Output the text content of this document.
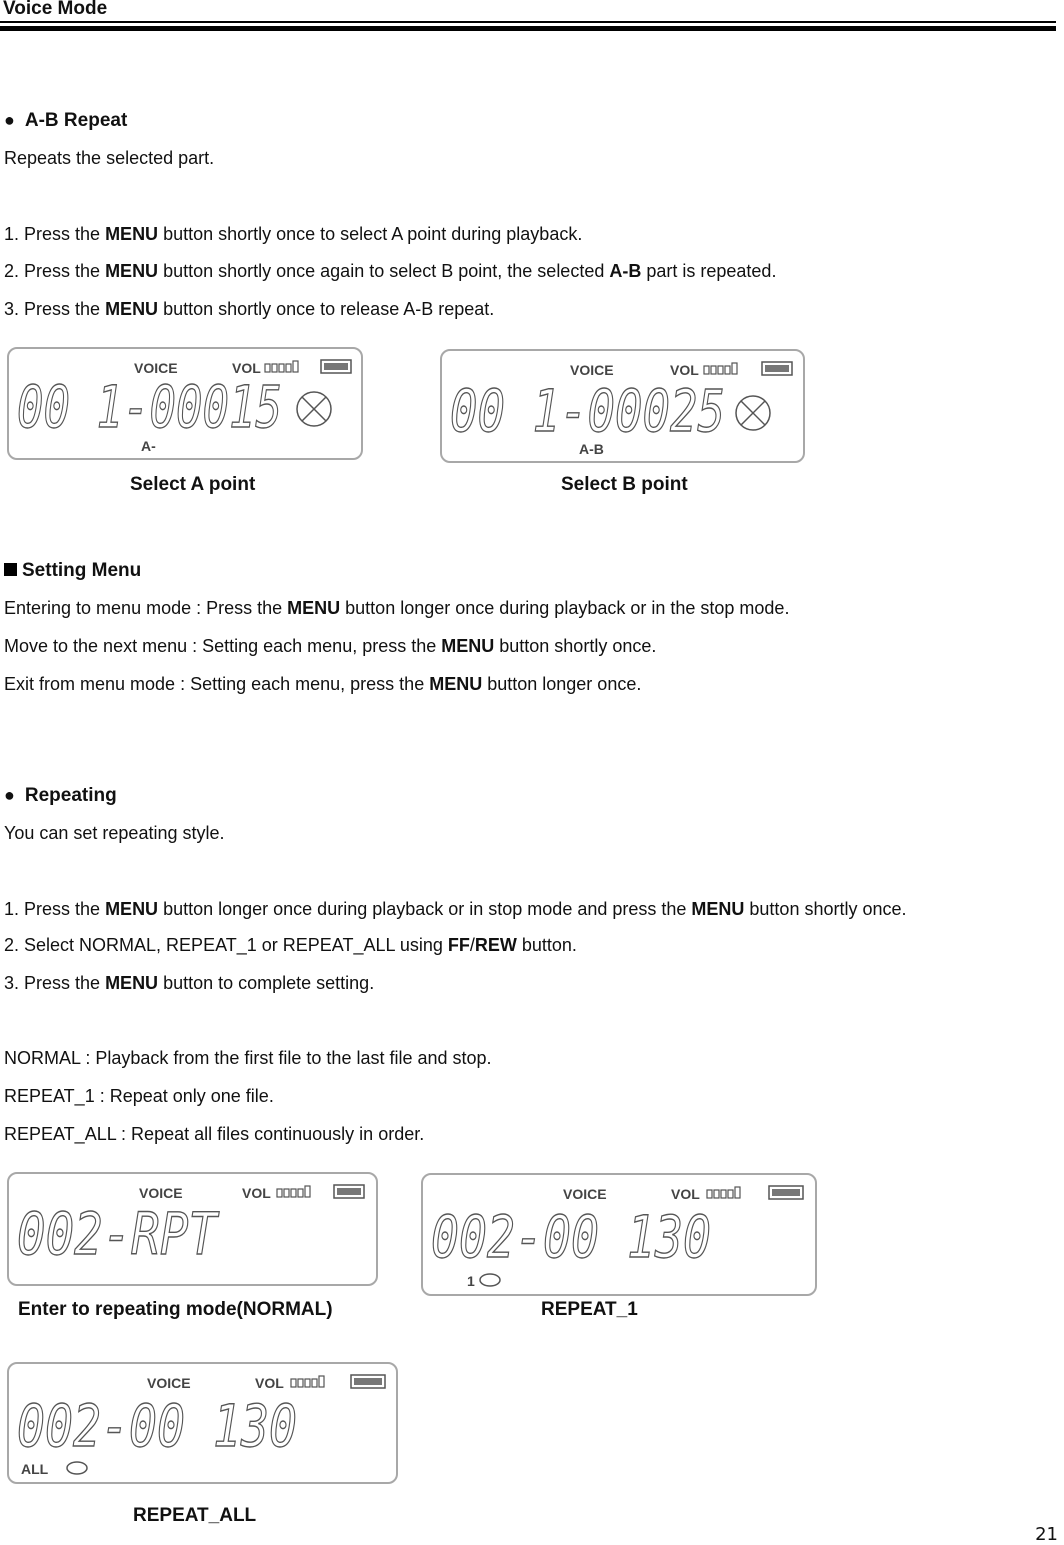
Voice Mode
● A-B Repeat
Repeats the selected part.
1. Press the MENU button shortly once to select A point during playback.
2. Press the MENU button shortly once again to select B point, the selected A-B part is repeated.
3. Press the MENU button shortly once to release A-B repeat.
VOICE	VOL
00 1-00015
A-
VOICE	VOL
00 1-00025
A-B
Select A point	Select B point
Setting Menu
Entering to menu mode : Press the MENU button longer once during playback or in the stop mode.
Move to the next menu : Setting each menu, press the MENU button shortly once.
Exit from menu mode : Setting each menu, press the MENU button longer once.
● Repeating
You can set repeating style.
1. Press the MENU button longer once during playback or in stop mode and press the MENU button shortly once.
2. Select NORMAL, REPEAT_1 or REPEAT_ALL using FF/REW button.
3. Press the MENU button to complete setting.
NORMAL : Playback from the first file to the last file and stop.
REPEAT_1 : Repeat only one file.
REPEAT_ALL : Repeat all files continuously in order.
VOICE	VOL
002-RPT
VOICE	VOL
002-00 130
1
Enter to repeating mode(NORMAL)	REPEAT_1
VOICE	VOL
002-00 130
ALL
REPEAT_ALL
21
